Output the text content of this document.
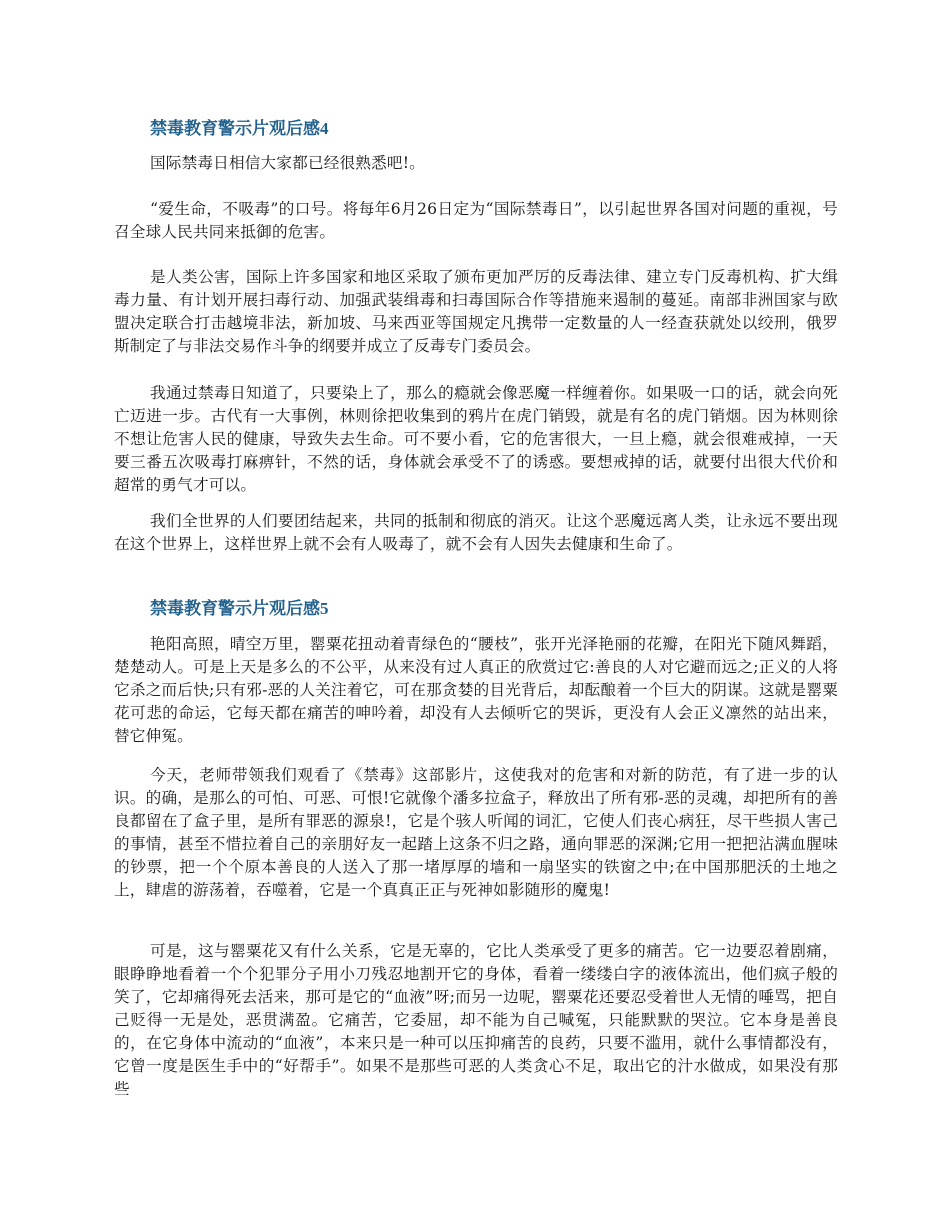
禁毒教育警示片观后感4

国际禁毒日相信大家都已经很熟悉吧!。

“爱生命，不吸毒”的口号。将每年6月26日定为“国际禁毒日”，以引起世界各国对问题的重视，号召全球人民共同来抵御的危害。

是人类公害，国际上许多国家和地区采取了颁布更加严厉的反毒法律、建立专门反毒机构、扩大缉毒力量、有计划开展扫毒行动、加强武装缉毒和扫毒国际合作等措施来遏制的蔓延。南部非洲国家与欧盟决定联合打击越境非法，新加坡、马来西亚等国规定凡携带一定数量的人一经查获就处以绞刑，俄罗斯制定了与非法交易作斗争的纲要并成立了反毒专门委员会。

我通过禁毒日知道了，只要染上了，那么的瘾就会像恶魔一样缠着你。如果吸一口的话，就会向死亡迈进一步。古代有一大事例，林则徐把收集到的鸦片在虎门销毁，就是有名的虎门销烟。因为林则徐不想让危害人民的健康，导致失去生命。可不要小看，它的危害很大，一旦上瘾，就会很难戒掉，一天要三番五次吸毒打麻痹针，不然的话，身体就会承受不了的诱惑。要想戒掉的话，就要付出很大代价和超常的勇气才可以。

我们全世界的人们要团结起来，共同的抵制和彻底的消灭。让这个恶魔远离人类，让永远不要出现在这个世界上，这样世界上就不会有人吸毒了，就不会有人因失去健康和生命了。

禁毒教育警示片观后感5

艳阳高照，晴空万里，罂粟花扭动着青绿色的“腰枝”，张开光泽艳丽的花瓣，在阳光下随风舞蹈，楚楚动人。可是上天是多么的不公平，从来没有过人真正的欣赏过它:善良的人对它避而远之;正义的人将它杀之而后快;只有邪-恶的人关注着它，可在那贪婪的目光背后，却酝酿着一个巨大的阴谋。这就是罂粟花可悲的命运，它每天都在痛苦的呻吟着，却没有人去倾听它的哭诉，更没有人会正义凛然的站出来，替它伸冤。

今天，老师带领我们观看了《禁毒》这部影片，这使我对的危害和对新的防范，有了进一步的认识。的确，是那么的可怕、可恶、可恨!它就像个潘多拉盒子，释放出了所有邪-恶的灵魂，却把所有的善良都留在了盒子里，是所有罪恶的源泉!，它是个骇人听闻的词汇，它使人们丧心病狂，尽干些损人害己的事情，甚至不惜拉着自己的亲朋好友一起踏上这条不归之路，通向罪恶的深渊;它用一把把沾满血腥味的钞票，把一个个原本善良的人送入了那一堵厚厚的墙和一扇坚实的铁窗之中;在中国那肥沃的土地之上，肆虐的游荡着，吞噬着，它是一个真真正正与死神如影随形的魔鬼!

可是，这与罂粟花又有什么关系，它是无辜的，它比人类承受了更多的痛苦。它一边要忍着剧痛，眼睁睁地看着一个个犯罪分子用小刀残忍地割开它的身体，看着一缕缕白字的液体流出，他们疯子般的笑了，它却痛得死去活来，那可是它的“血液”呀;而另一边呢，罂粟花还要忍受着世人无情的唾骂，把自己贬得一无是处，恶贯满盈。它痛苦，它委屈，却不能为自己喊冤，只能默默的哭泣。它本身是善良的，在它身体中流动的“血液”，本来只是一种可以压抑痛苦的良药，只要不滥用，就什么事情都没有，它曾一度是医生手中的“好帮手”。如果不是那些可恶的人类贪心不足，取出它的汁水做成，如果没有那些
